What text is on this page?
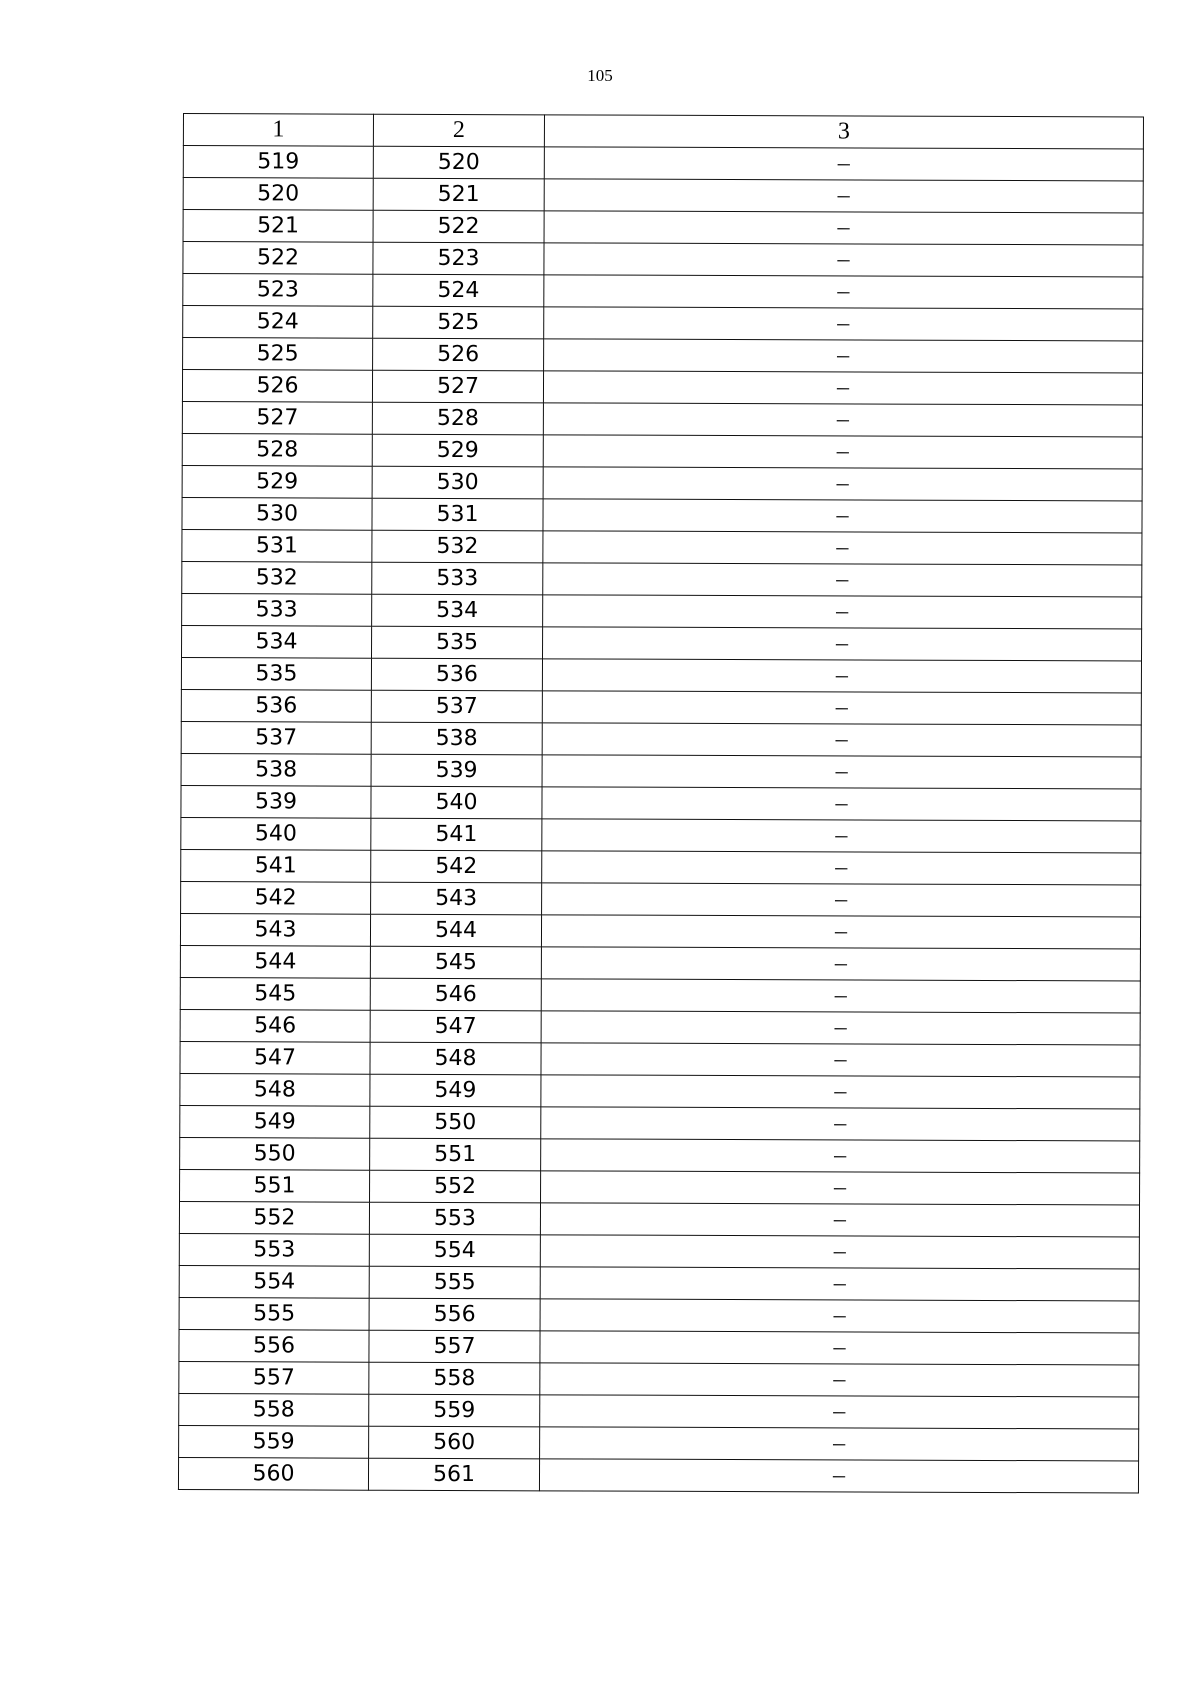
105
1	2	3
519	520	–
520	521	–
521	522	–
522	523	–
523	524	–
524	525	–
525	526	–
526	527	–
527	528	–
528	529	–
529	530	–
530	531	–
531	532	–
532	533	–
533	534	–
534	535	–
535	536	–
536	537	–
537	538	–
538	539	–
539	540	–
540	541	–
541	542	–
542	543	–
543	544	–
544	545	–
545	546	–
546	547	–
547	548	–
548	549	–
549	550	–
550	551	–
551	552	–
552	553	–
553	554	–
554	555	–
555	556	–
556	557	–
557	558	–
558	559	–
559	560	–
560	561	–
